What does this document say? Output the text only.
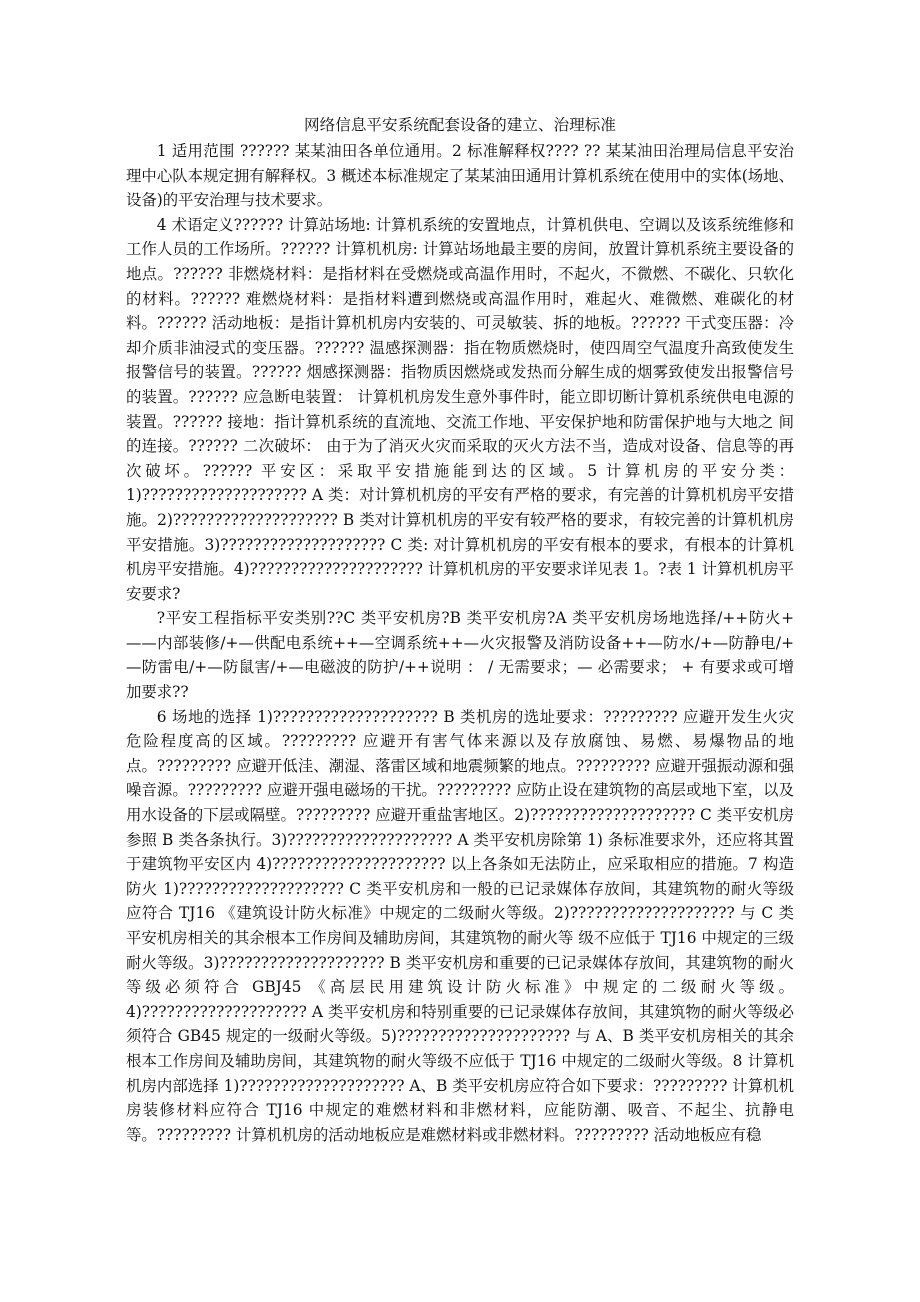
网络信息平安系统配套设备的建立、治理标准

1 适用范围 ?????? 某某油田各单位通用。2 标准解释权???? ?? 某某油田治理局信息平安治理中心队本规定拥有解释权。3 概述本标准规定了某某油田通用计算机系统在使用中的实体(场地、设备)的平安治理与技术要求。

4 术语定义?????? 计算站场地: 计算机系统的安置地点，计算机供电、空调以及该系统维修和工作人员的工作场所。?????? 计算机机房: 计算站场地最主要的房间，放置计算机系统主要设备的地点。?????? 非燃烧材料：是指材料在受燃烧或高温作用时，不起火，不微燃、不碳化、只软化的材料。?????? 难燃烧材料：是指材料遭到燃烧或高温作用时，难起火、难微燃、难碳化的材料。?????? 活动地板：是指计算机机房内安装的、可灵敏装、拆的地板。?????? 干式变压器：冷却介质非油浸式的变压器。?????? 温感探测器：指在物质燃烧时，使四周空气温度升高致使发生报警信号的装置。?????? 烟感探测器：指物质因燃烧或发热而分解生成的烟雾致使发出报警信号的装置。?????? 应急断电装置： 计算机机房发生意外事件时，能立即切断计算机系统供电电源的装置。?????? 接地：指计算机系统的直流地、交流工作地、平安保护地和防雷保护地与大地之 间的连接。?????? 二次破坏： 由于为了消灭火灾而采取的灭火方法不当，造成对设备、信息等的再次破坏。?????? 平安区：采取平安措施能到达的区域。5 计算机房的平安分类：1)???????????????????? A 类：对计算机机房的平安有严格的要求，有完善的计算机机房平安措施。2)???????????????????? B 类对计算机机房的平安有较严格的要求，有较完善的计算机机房平安措施。3)???????????????????? C 类: 对计算机机房的平安有根本的要求，有根本的计算机机房平安措施。4)????????????????????? 计算机机房的平安要求详见表 1。?表 1 计算机机房平安要求?

?平安工程指标平安类别??C 类平安机房?B 类平安机房?A 类平安机房场地选择/++防火+——内部装修/+—供配电系统++—空调系统++—火灾报警及消防设备++—防水/+—防静电/+—防雷电/+—防鼠害/+—电磁波的防护/++说明 ： / 无需要求；— 必需要求； + 有要求或可增加要求??

6 场地的选择 1)???????????????????? B 类机房的选址要求：????????? 应避开发生火灾危险程度高的区域。????????? 应避开有害气体来源以及存放腐蚀、易燃、易爆物品的地点。????????? 应避开低洼、潮湿、落雷区域和地震频繁的地点。????????? 应避开强振动源和强噪音源。????????? 应避开强电磁场的干扰。????????? 应防止设在建筑物的高层或地下室，以及用水设备的下层或隔壁。????????? 应避开重盐害地区。2)???????????????????? C 类平安机房参照 B 类各条执行。3)???????????????????? A 类平安机房除第 1) 条标准要求外，还应将其置于建筑物平安区内 4)????????????????????? 以上各条如无法防止，应采取相应的措施。7 构造防火 1)???????????????????? C 类平安机房和一般的已记录媒体存放间，其建筑物的耐火等级应符合 TJ16 《建筑设计防火标准》中规定的二级耐火等级。2)???????????????????? 与 C 类平安机房相关的其余根本工作房间及辅助房间，其建筑物的耐火等 级不应低于 TJ16 中规定的三级耐火等级。3)???????????????????? B 类平安机房和重要的已记录媒体存放间，其建筑物的耐火等级必须符合 GBJ45 《高层民用建筑设计防火标准》中规定的二级耐火等级。4)???????????????????? A 类平安机房和特别重要的已记录媒体存放间，其建筑物的耐火等级必须符合 GB45 规定的一级耐火等级。5)????????????????????? 与 A、B 类平安机房相关的其余根本工作房间及辅助房间，其建筑物的耐火等级不应低于 TJ16 中规定的二级耐火等级。8 计算机机房内部选择 1)???????????????????? A、B 类平安机房应符合如下要求：????????? 计算机机房装修材料应符合 TJ16 中规定的难燃材料和非燃材料，应能防潮、吸音、不起尘、抗静电等。????????? 计算机机房的活动地板应是难燃材料或非燃材料。????????? 活动地板应有稳
